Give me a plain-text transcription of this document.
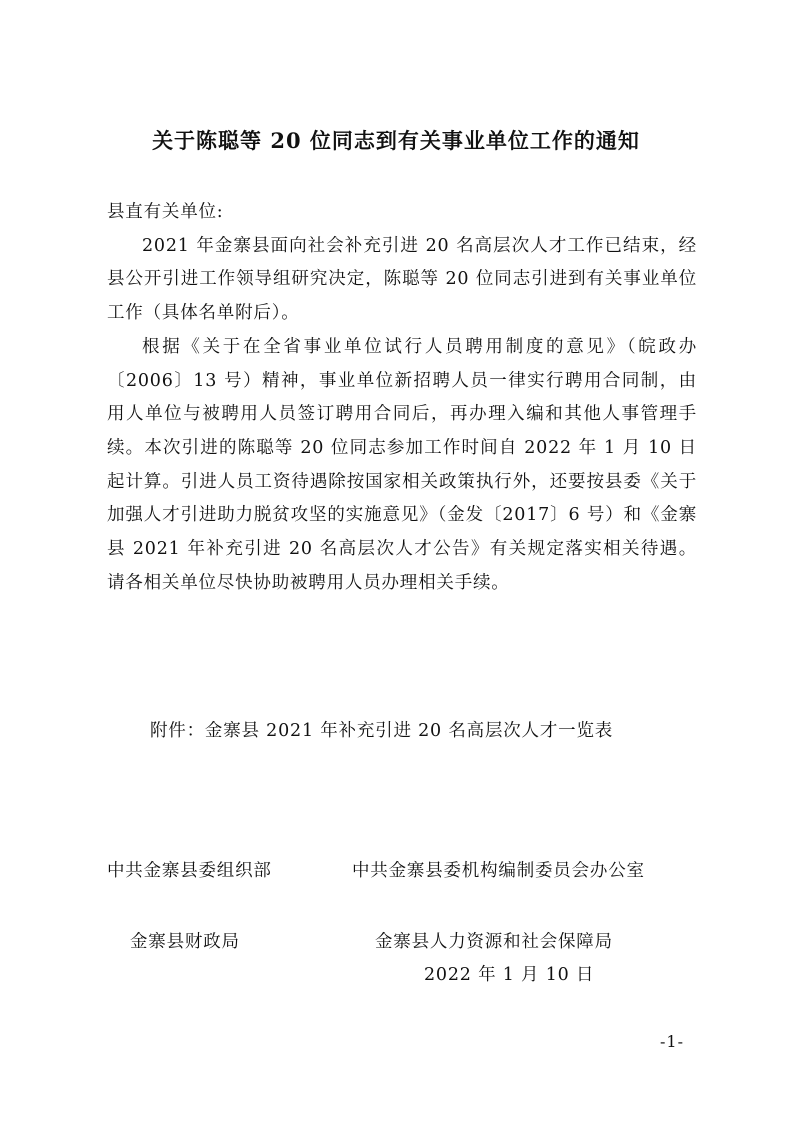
关于陈聪等 20 位同志到有关事业单位工作的通知

县直有关单位:

2021 年金寨县面向社会补充引进 20 名高层次人才工作已结束，经县公开引进工作领导组研究决定，陈聪等 20 位同志引进到有关事业单位工作（具体名单附后）。

根据《关于在全省事业单位试行人员聘用制度的意见》（皖政办〔2006〕13 号）精神，事业单位新招聘人员一律实行聘用合同制，由用人单位与被聘用人员签订聘用合同后，再办理入编和其他人事管理手续。本次引进的陈聪等 20 位同志参加工作时间自 2022 年 1 月 10 日起计算。引进人员工资待遇除按国家相关政策执行外，还要按县委《关于加强人才引进助力脱贫攻坚的实施意见》（金发〔2017〕6 号）和《金寨县 2021 年补充引进 20 名高层次人才公告》有关规定落实相关待遇。请各相关单位尽快协助被聘用人员办理相关手续。

附件：金寨县 2021 年补充引进 20 名高层次人才一览表
中共金寨县委组织部	中共金寨县委机构编制委员会办公室
金寨县财政局	金寨县人力资源和社会保障局
2022 年 1 月 10 日
-1-
